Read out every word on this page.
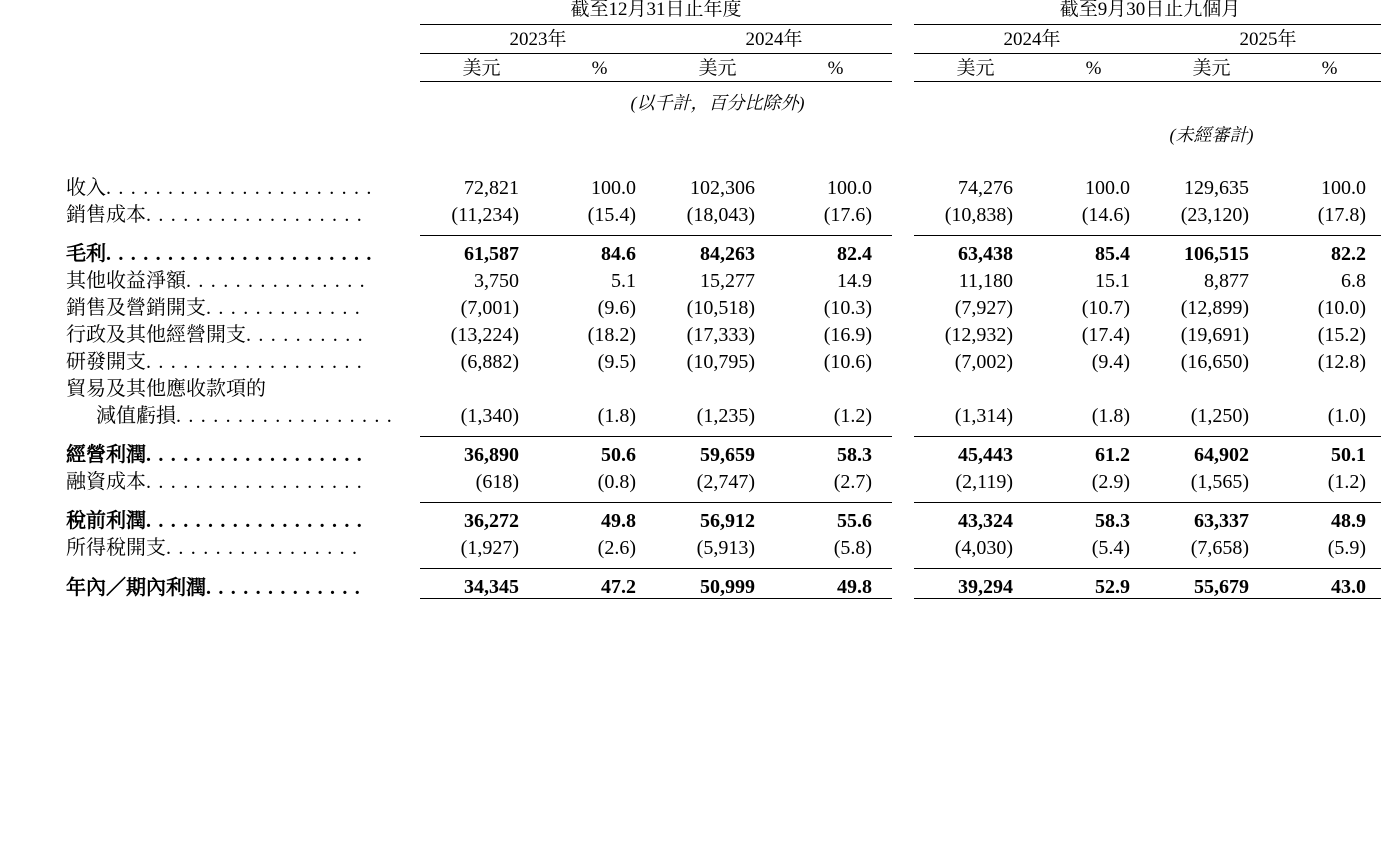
	截至12月31日止年度					截至9月30日止九個月			
	2023年		2024年			2024年		2025年	
	美元	%	美元	%		美元	%	美元	%
		(以千計，百分比除外)							
							(未經審計)		

收入. . . . . . . . . . . . . . . . . . . . . .	72,821	100.0	102,306	100.0		74,276	100.0	129,635	100.0
銷售成本. . . . . . . . . . . . . . . . . .	(11,234)	(15.4)	(18,043)	(17.6)		(10,838)	(14.6)	(23,120)	(17.8)

毛利. . . . . . . . . . . . . . . . . . . . . .	61,587	84.6	84,263	82.4		63,438	85.4	106,515	82.2
其他收益淨額. . . . . . . . . . . . . . .	3,750	5.1	15,277	14.9		11,180	15.1	8,877	6.8
銷售及營銷開支. . . . . . . . . . . . .	(7,001)	(9.6)	(10,518)	(10.3)		(7,927)	(10.7)	(12,899)	(10.0)
行政及其他經營開支. . . . . . . . . .	(13,224)	(18.2)	(17,333)	(16.9)		(12,932)	(17.4)	(19,691)	(15.2)
研發開支. . . . . . . . . . . . . . . . . .	(6,882)	(9.5)	(10,795)	(10.6)		(7,002)	(9.4)	(16,650)	(12.8)
貿易及其他應收款項的									
減值虧損. . . . . . . . . . . . . . . . . .	(1,340)	(1.8)	(1,235)	(1.2)		(1,314)	(1.8)	(1,250)	(1.0)

經營利潤. . . . . . . . . . . . . . . . . .	36,890	50.6	59,659	58.3		45,443	61.2	64,902	50.1
融資成本. . . . . . . . . . . . . . . . . .	(618)	(0.8)	(2,747)	(2.7)		(2,119)	(2.9)	(1,565)	(1.2)

稅前利潤. . . . . . . . . . . . . . . . . .	36,272	49.8	56,912	55.6		43,324	58.3	63,337	48.9
所得稅開支. . . . . . . . . . . . . . . .	(1,927)	(2.6)	(5,913)	(5.8)		(4,030)	(5.4)	(7,658)	(5.9)

年內／期內利潤. . . . . . . . . . . . .	34,345	47.2	50,999	49.8		39,294	52.9	55,679	43.0
